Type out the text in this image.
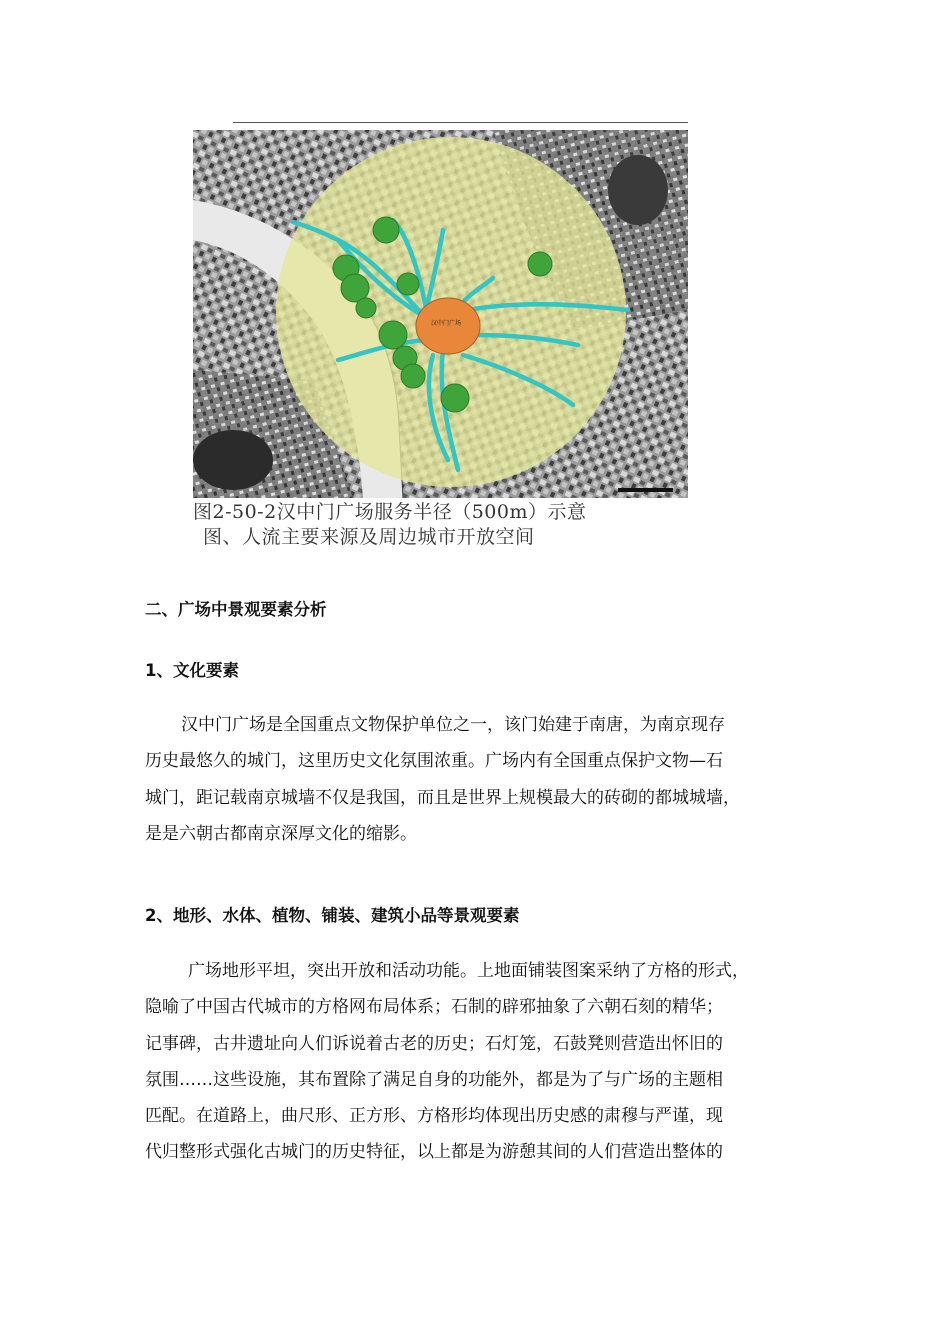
汉中门广场
图2-50-2汉中门广场服务半径（500m）示意
图、人流主要来源及周边城市开放空间
二、广场中景观要素分析
1、文化要素
汉中门广场是全国重点文物保护单位之一，该门始建于南唐，为南京现存
历史最悠久的城门，这里历史文化氛围浓重。广场内有全国重点保护文物—石
城门，距记载南京城墙不仅是我国，而且是世界上规模最大的砖砌的都城城墙，
是是六朝古都南京深厚文化的缩影。
2、地形、水体、植物、铺装、建筑小品等景观要素
广场地形平坦，突出开放和活动功能。上地面铺装图案采纳了方格的形式，
隐喻了中国古代城市的方格网布局体系；石制的辟邪抽象了六朝石刻的精华；
记事碑，古井遗址向人们诉说着古老的历史；石灯笼，石鼓凳则营造出怀旧的
氛围……这些设施，其布置除了满足自身的功能外，都是为了与广场的主题相
匹配。在道路上，曲尺形、正方形、方格形均体现出历史感的肃穆与严谨，现
代归整形式强化古城门的历史特征，以上都是为游憩其间的人们营造出整体的
